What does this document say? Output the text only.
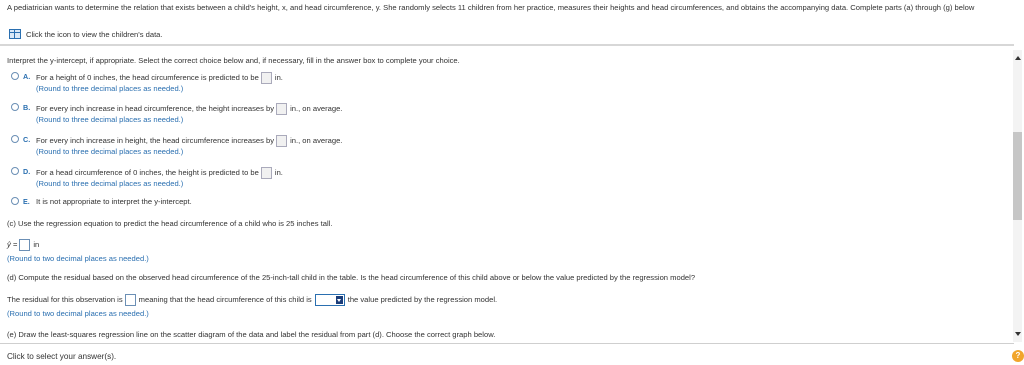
A pediatrician wants to determine the relation that exists between a child's height, x, and head circumference, y. She randomly selects 11 children from her practice, measures their heights and head circumferences, and obtains the accompanying data. Complete parts (a) through (g) below
Click the icon to view the children's data.
Interpret the y-intercept, if appropriate. Select the correct choice below and, if necessary, fill in the answer box to complete your choice.
A. For a height of 0 inches, the head circumference is predicted to be in.
(Round to three decimal places as needed.)
B. For every inch increase in head circumference, the height increases by in., on average.
(Round to three decimal places as needed.)
C. For every inch increase in height, the head circumference increases by in., on average.
(Round to three decimal places as needed.)
D. For a head circumference of 0 inches, the height is predicted to be in.
(Round to three decimal places as needed.)
E. It is not appropriate to interpret the y-intercept.
(c) Use the regression equation to predict the head circumference of a child who is 25 inches tall.
ŷ = in
(Round to two decimal places as needed.)
(d) Compute the residual based on the observed head circumference of the 25-inch-tall child in the table. Is the head circumference of this child above or below the value predicted by the regression model?
The residual for this observation is meaning that the head circumference of this child is	the value predicted by the regression model.
(Round to two decimal places as needed.)
(e) Draw the least-squares regression line on the scatter diagram of the data and label the residual from part (d). Choose the correct graph below.
Click to select your answer(s).	?
